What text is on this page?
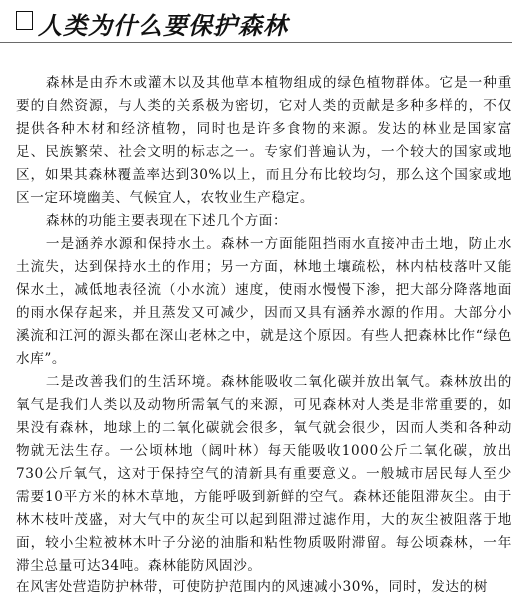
人类为什么要保护森林

森林是由乔木或灌木以及其他草本植物组成的绿色植物群体。它是一种重要的自然资源，与人类的关系极为密切，它对人类的贡献是多种多样的，不仅提供各种木材和经济植物，同时也是许多食物的来源。发达的林业是国家富足、民族繁荣、社会文明的标志之一。专家们普遍认为，一个较大的国家或地区，如果其森林覆盖率达到30%以上，而且分布比较均匀，那么这个国家或地区一定环境幽美、气候宜人，农牧业生产稳定。

森林的功能主要表现在下述几个方面：

一是涵养水源和保持水土。森林一方面能阻挡雨水直接冲击土地，防止水土流失，达到保持水土的作用；另一方面，林地土壤疏松，林内枯枝落叶又能保水土，减低地表径流（小水流）速度，使雨水慢慢下渗，把大部分降落地面的雨水保存起来，并且蒸发又可减少，因而又具有涵养水源的作用。大部分小溪流和江河的源头都在深山老林之中，就是这个原因。有些人把森林比作“绿色水库”。

二是改善我们的生活环境。森林能吸收二氧化碳并放出氧气。森林放出的氧气是我们人类以及动物所需氧气的来源，可见森林对人类是非常重要的，如果没有森林，地球上的二氧化碳就会很多，氧气就会很少，因而人类和各种动物就无法生存。一公顷林地（阔叶林）每天能吸收1000公斤二氧化碳，放出730公斤氧气，这对于保持空气的清新具有重要意义。一般城市居民每人至少需要10平方米的林木草地，方能呼吸到新鲜的空气。森林还能阻滞灰尘。由于林木枝叶茂盛，对大气中的灰尘可以起到阻滞过滤作用，大的灰尘被阻落于地面，较小尘粒被林木叶子分泌的油脂和粘性物质吸附滞留。每公顷森林，一年滞尘总量可达34吨。森林能防风固沙。

在风害处营造防护林带，可使防护范围内的风速减小30%，同时，发达的树
